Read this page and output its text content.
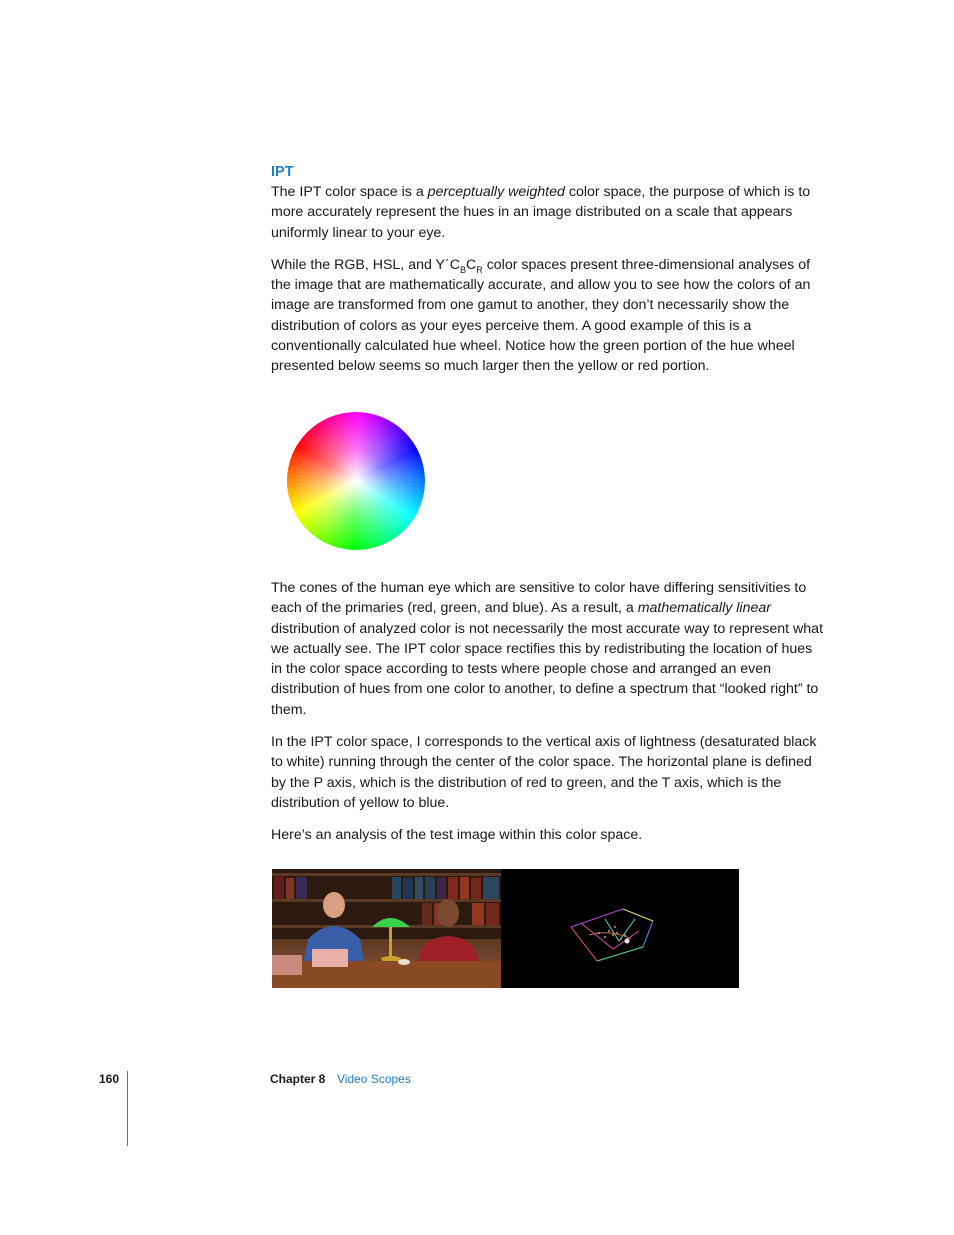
IPT

The IPT color space is a perceptually weighted color space, the purpose of which is to more accurately represent the hues in an image distributed on a scale that appears uniformly linear to your eye.

While the RGB, HSL, and $Y´C_BC_R$ color spaces present three-dimensional analyses of the image that are mathematically accurate, and allow you to see how the colors of an image are transformed from one gamut to another, they don’t necessarily show the distribution of colors as your eyes perceive them. A good example of this is a conventionally calculated hue wheel. Notice how the green portion of the hue wheel presented below seems so much larger then the yellow or red portion.

The cones of the human eye which are sensitive to color have differing sensitivities to each of the primaries (red, green, and blue). As a result, a mathematically linear distribution of analyzed color is not necessarily the most accurate way to represent what we actually see. The IPT color space rectifies this by redistributing the location of hues in the color space according to tests where people chose and arranged an even distribution of hues from one color to another, to define a spectrum that “looked right” to them.

In the IPT color space, I corresponds to the vertical axis of lightness (desaturated black to white) running through the center of the color space. The horizontal plane is defined by the P axis, which is the distribution of red to green, and the T axis, which is the distribution of yellow to blue.

Here’s an analysis of the test image within this color space.

160	Chapter 8 Video Scopes
